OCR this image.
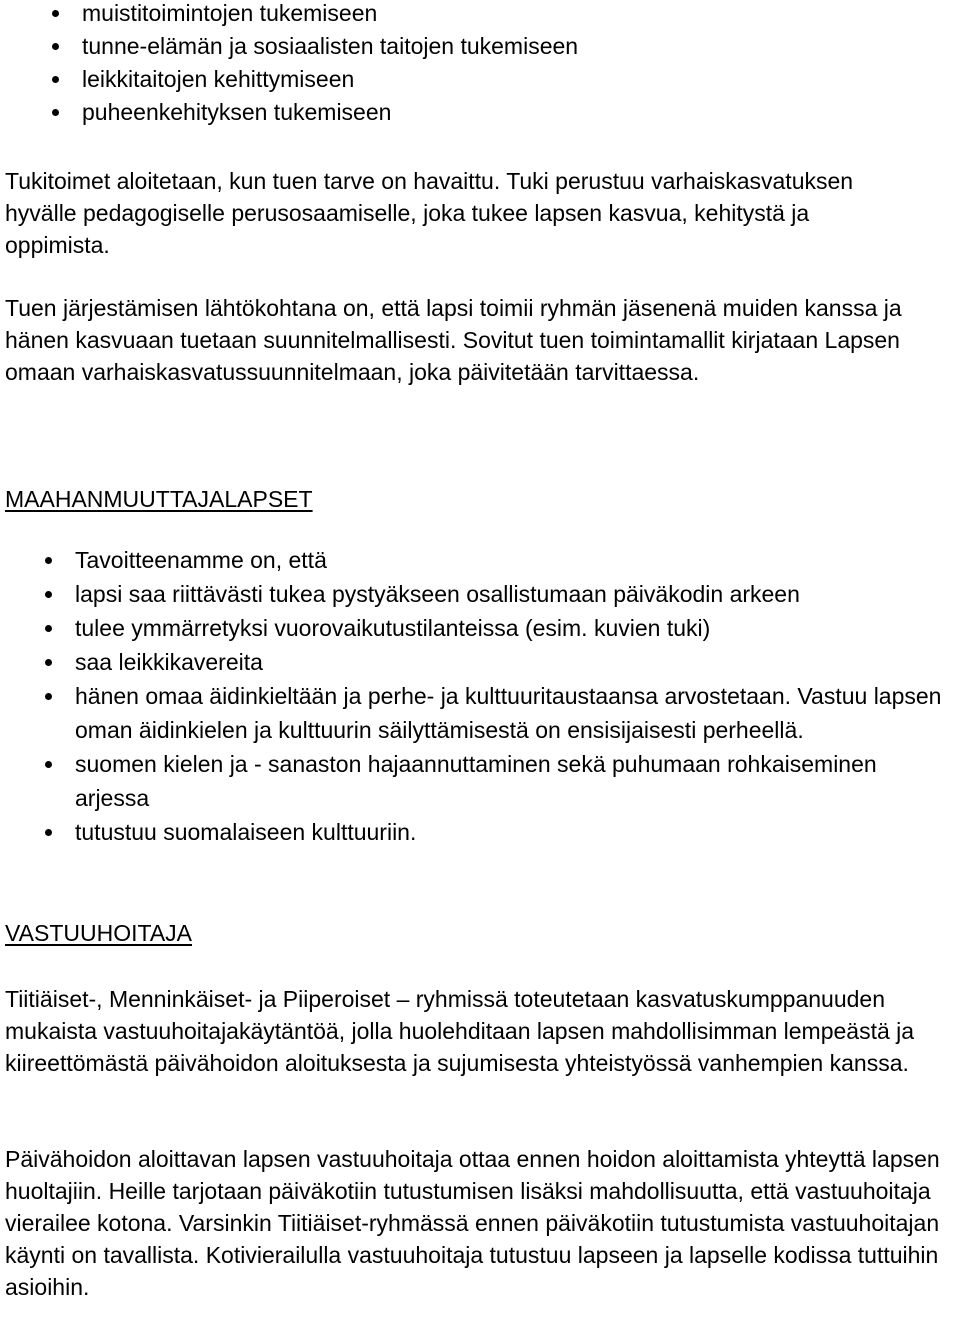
muistitoimintojen tukemiseen
tunne-elämän ja sosiaalisten taitojen tukemiseen
leikkitaitojen kehittymiseen
puheenkehityksen tukemiseen

Tukitoimet aloitetaan, kun tuen tarve on havaittu. Tuki perustuu varhaiskasvatuksen hyvälle pedagogiselle perusosaamiselle, joka tukee lapsen kasvua, kehitystä ja oppimista.

Tuen järjestämisen lähtökohtana on, että lapsi toimii ryhmän jäsenenä muiden kanssa ja hänen kasvuaan tuetaan suunnitelmallisesti. Sovitut tuen toimintamallit kirjataan Lapsen omaan varhaiskasvatussuunnitelmaan, joka päivitetään tarvittaessa.

MAAHANMUUTTAJALAPSET
Tavoitteenamme on, että
lapsi saa riittävästi tukea pystyäkseen osallistumaan päiväkodin arkeen
tulee ymmärretyksi vuorovaikutustilanteissa (esim. kuvien tuki)
saa leikkikavereita
hänen omaa äidinkieltään ja perhe- ja kulttuuritaustaansa arvostetaan. Vastuu lapsen oman äidinkielen ja kulttuurin säilyttämisestä on ensisijaisesti perheellä.
suomen kielen ja - sanaston hajaannuttaminen sekä puhumaan rohkaiseminen arjessa
tutustuu suomalaiseen kulttuuriin.
VASTUUHOITAJA

Tiitiäiset-, Menninkäiset- ja Piiperoiset – ryhmissä toteutetaan kasvatuskumppanuuden mukaista vastuuhoitajakäytäntöä, jolla huolehditaan lapsen mahdollisimman lempeästä ja kiireettömästä päivähoidon aloituksesta ja sujumisesta yhteistyössä vanhempien kanssa.

Päivähoidon aloittavan lapsen vastuuhoitaja ottaa ennen hoidon aloittamista yhteyttä lapsen huoltajiin. Heille tarjotaan päiväkotiin tutustumisen lisäksi mahdollisuutta, että vastuuhoitaja vierailee kotona. Varsinkin Tiitiäiset-ryhmässä ennen päiväkotiin tutustumista vastuuhoitajan käynti on tavallista. Kotivierailulla vastuuhoitaja tutustuu lapseen ja lapselle kodissa tuttuihin asioihin.
